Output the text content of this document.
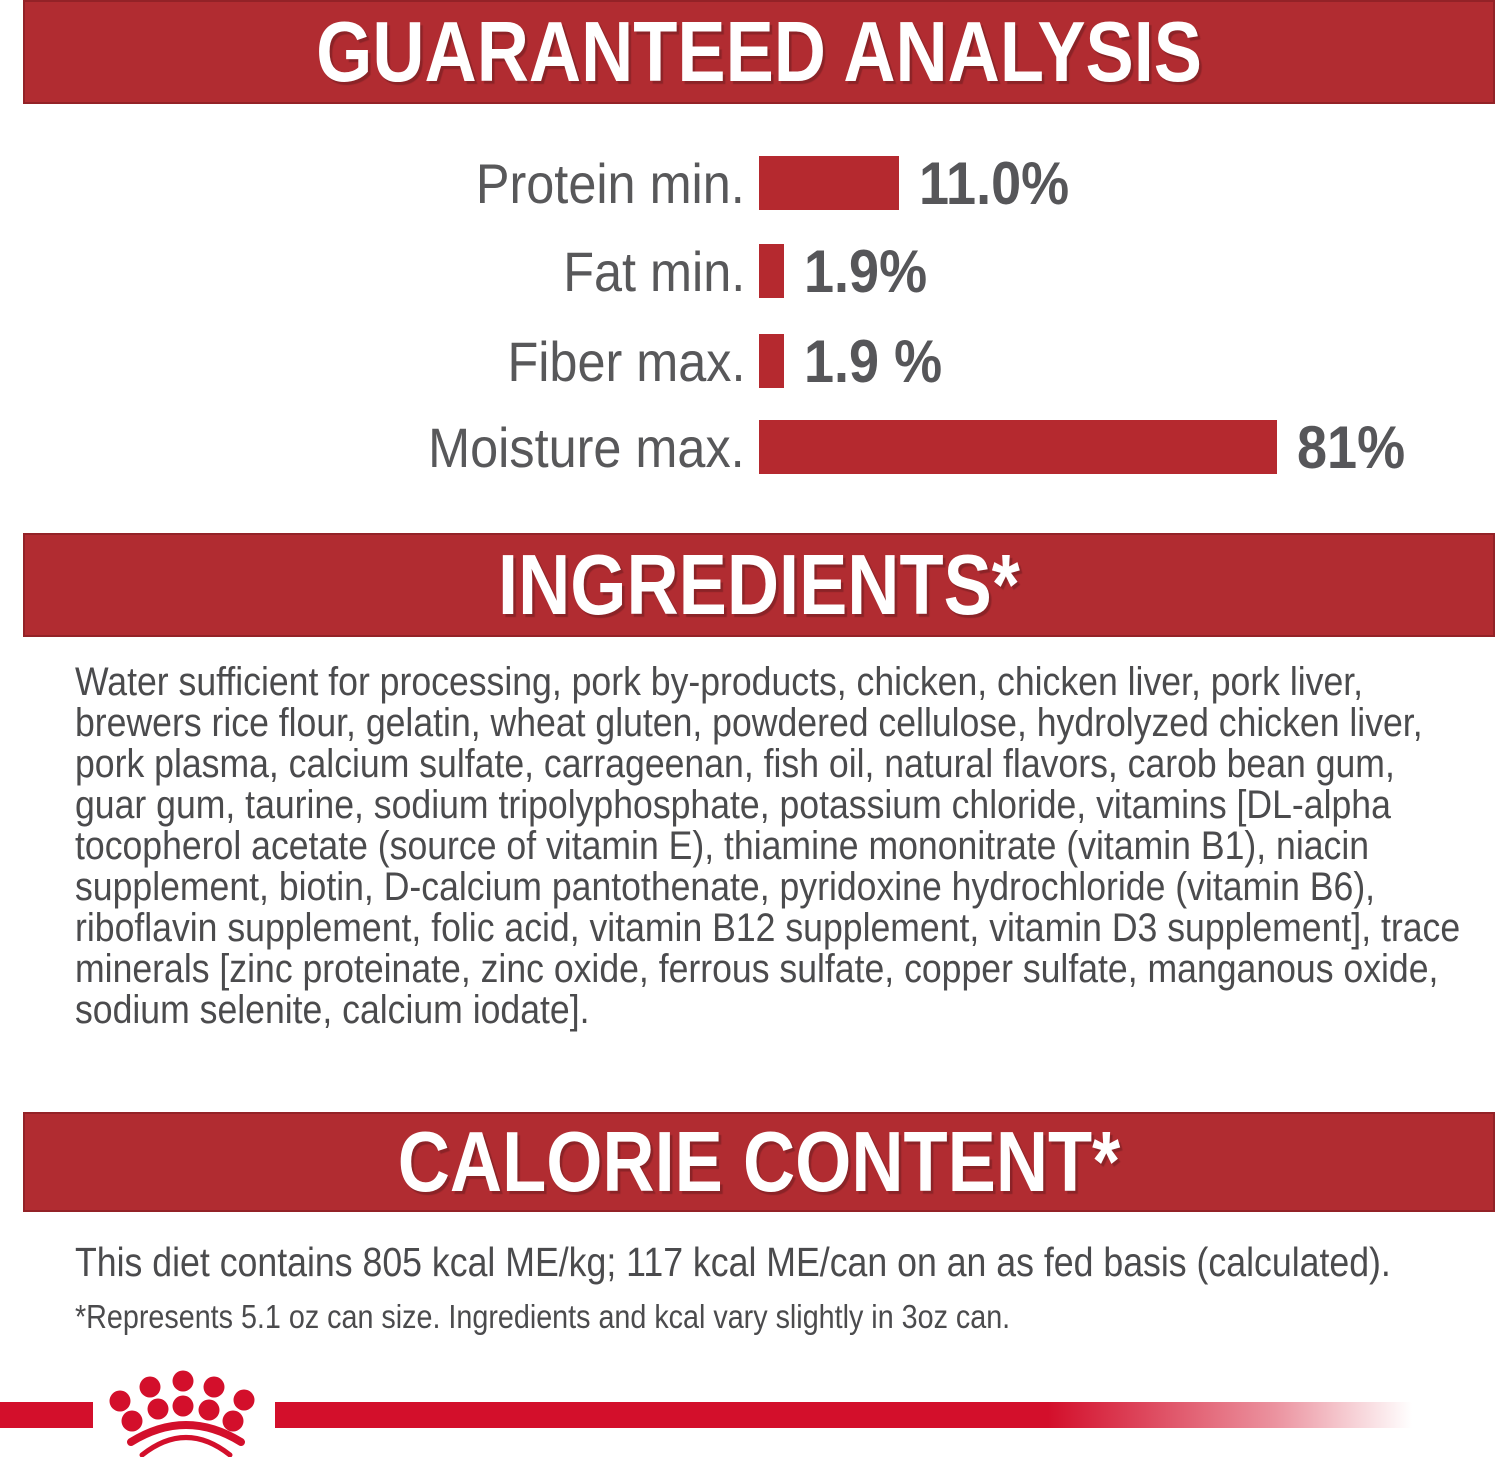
GUARANTEED ANALYSIS
Protein min.	11.0%
Fat min. 1.9%
Fiber max. 1.9 %
Moisture max.	81%
INGREDIENTS*
Water sufficient for processing, pork by-products, chicken, chicken liver, pork liver, brewers rice flour, gelatin, wheat gluten, powdered cellulose, hydrolyzed chicken liver, pork plasma, calcium sulfate, carrageenan, fish oil, natural flavors, carob bean gum, guar gum, taurine, sodium tripolyphosphate, potassium chloride, vitamins [DL-alpha tocopherol acetate (source of vitamin E), thiamine mononitrate (vitamin B1), niacin supplement, biotin, D-calcium pantothenate, pyridoxine hydrochloride (vitamin B6), riboflavin supplement, folic acid, vitamin B12 supplement, vitamin D3 supplement], trace minerals [zinc proteinate, zinc oxide, ferrous sulfate, copper sulfate, manganous oxide, sodium selenite, calcium iodate].
CALORIE CONTENT*
This diet contains 805 kcal ME/kg; 117 kcal ME/can on an as fed basis (calculated).
*Represents 5.1 oz can size. Ingredients and kcal vary slightly in 3oz can.
